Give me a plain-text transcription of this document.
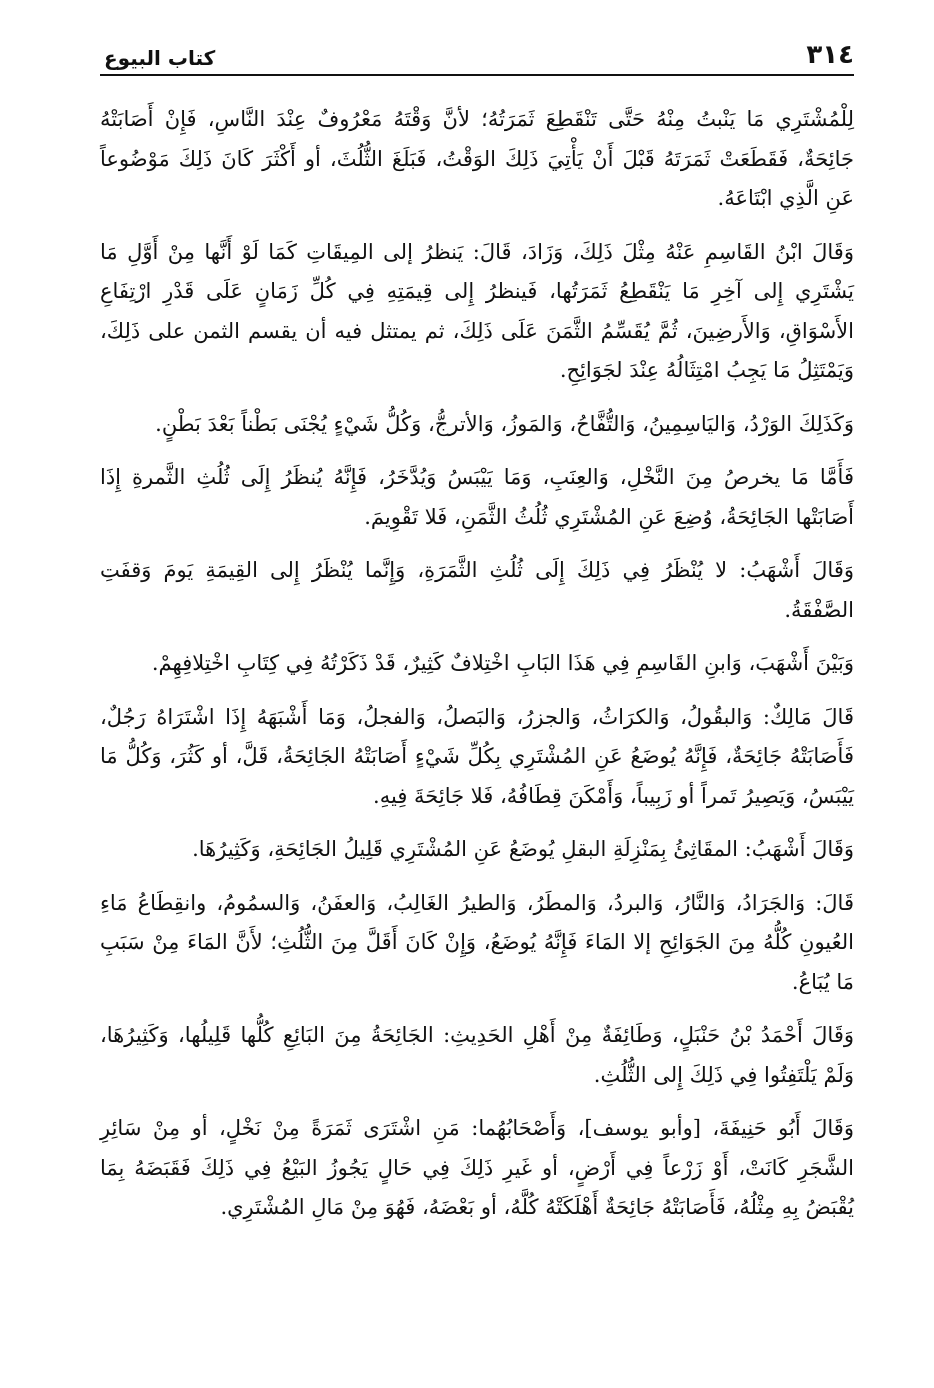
كتاب البيوع	٣١٤

لِلْمُشْتَرِي مَا يَنْبتُ مِنْهُ حَتَّى تَنْقَطِعَ ثَمَرَتُهُ؛ لأنَّ وَقْتَهُ مَعْرُوفٌ عِنْدَ النَّاسِ، فَإِنْ أَصَابَتْهُ جَائِحَةٌ، فَقَطَعَتْ ثَمَرَتَهُ قَبْلَ أَنْ يَأْتِيَ ذَلِكَ الوَقْتُ، فَبَلَغَ الثُّلُثَ، أو أَكْثَرَ كَانَ ذَلِكَ مَوْضُوعاً عَنِ الَّذِي ابْتَاعَهُ.

وَقَالَ ابْنُ القَاسِمِ عَنْهُ مِثْلَ ذَلِكَ، وَزَادَ، قَالَ: يَنظرُ إلى المِيقَاتِ كَمَا لَوْ أَنَّها مِنْ أَوَّلِ مَا يَشْتَرِي إِلى آخِرِ مَا يَنْقَطِعُ ثَمَرَتُها، فَينظرُ إِلى قِيمَتِهِ فِي كُلِّ زَمَانٍ عَلَى قَدْرِ ارْتِفَاعِ الأَسْوَاقِ، وَالأَرضِينَ، ثُمَّ يُقَسِّمُ الثَّمَنَ عَلَى ذَلِكَ، ثم يمتثل فيه أن يقسم الثمن على ذَلِكَ، وَيَمْتَثِلُ مَا يَجِبُ امْتِثَالُهُ عِنْدَ لجَوَائِحِ.

وَكَذَلِكَ الوَرْدُ، وَاليَاسِمِينُ، وَالتُّفَّاحُ، وَالمَوزُ، وَالأترجُّ، وَكُلُّ شَيْءٍ يُجْنَى بَطْناً بَعْدَ بَطْنٍ.

فَأَمَّا مَا يخرصُ مِنَ النَّخْلِ، وَالعِنَبِ، وَمَا يَيْبَسُ وَيُدَّخَرُ، فَإِنَّهُ يُنظَرُ إِلَى ثُلُثِ الثَّمرةِ إِذَا أَصَابَتْها الجَائِحَةُ، وُضِعَ عَنِ المُشْتَرِي ثُلُثُ الثَّمَنِ، فَلا تَقْوِيمَ.

وَقَالَ أَشْهَبُ: لا يُنْظَرُ فِي ذَلِكَ إِلَى ثُلُثِ الثَّمَرَةِ، وَإِنَّما يُنْظَرُ إِلى القِيمَةِ يَومَ وَقفَتِ الصَّفْقَةُ.

وَبَيْنَ أَشْهَبَ، وَابنِ القَاسِمِ فِي هَذَا البَابِ اخْتِلافٌ كَثِيرٌ، قَدْ ذَكَرْتُهُ فِي كِتَابِ اخْتِلافِهِمْ.

قَالَ مَالِكٌ: وَالبقُولُ، وَالكرَاثُ، وَالجزرُ، وَالبَصلُ، وَالفجلُ، وَمَا أَشْبَهَهُ إِذَا اشْتَرَاهُ رَجُلٌ، فَأَصَابَتْهُ جَائِحَةٌ، فَإِنَّهُ يُوضَعُ عَنِ المُشْتَرِي بِكُلِّ شَيْءٍ أَصَابَتْهُ الجَائِحَةُ، قَلَّ، أو كَثُرَ، وَكُلُّ مَا يَيْبَسُ، وَيَصِيرُ تَمراً أو زَبِيباً، وَأَمْكَنَ قِطَافُهُ، فَلا جَائِحَةَ فِيهِ.

وَقَالَ أَشْهَبُ: المقَاثِئُ بِمَنْزِلَةِ البقلِ يُوضَعُ عَنِ المُشْتَرِي قَلِيلُ الجَائِحَةِ، وَكَثِيرُهَا.

قَالَ: وَالجَرَادُ، وَالنَّارُ، وَالبردُ، وَالمطَرُ، وَالطيرُ الغَالِبُ، وَالعفَنُ، وَالسمُومُ، وانقِطَاعُ مَاءِ العُيونِ كُلُّهُ مِنَ الجَوَائِحِ إلا المَاءَ فَإِنَّهُ يُوضَعُ، وَإِنْ كَانَ أَقَلَّ مِنَ الثُّلُثِ؛ لأَنَّ المَاءَ مِنْ سَبَبِ مَا يُبَاعُ.

وَقَالَ أَحْمَدُ بْنُ حَنْبَلٍ، وَطَائِفَةٌ مِنْ أَهْلِ الحَدِيثِ: الجَائِحَةُ مِنَ البَائِعِ كُلُّها قَلِيلُها، وَكَثِيرُهَا، وَلَمْ يَلْتَفِتُوا فِي ذَلِكَ إِلى الثُّلُثِ.

وَقَالَ أَبُو حَنِيفَةَ، [وأبو يوسف]، وَأَصْحَابُهُما: مَنِ اشْتَرَى ثَمَرَةً مِنْ نَخْلٍ، أو مِنْ سَائِرِ الشَّجَرِ كَانَتْ، أَوْ زَرْعاً فِي أَرْضٍ، أو غَيرِ ذَلِكَ فِي حَالٍ يَجُوزُ البَيْعُ فِي ذَلِكَ فَقَبَضَهُ بِمَا يُقْبَضُ بِهِ مِثْلُهُ، فَأَصَابَتْهُ جَائِحَةٌ أَهْلَكَتْهُ كُلَّهُ، أو بَعْضَهُ، فَهُوَ مِنْ مَالِ المُشْتَرِي.
